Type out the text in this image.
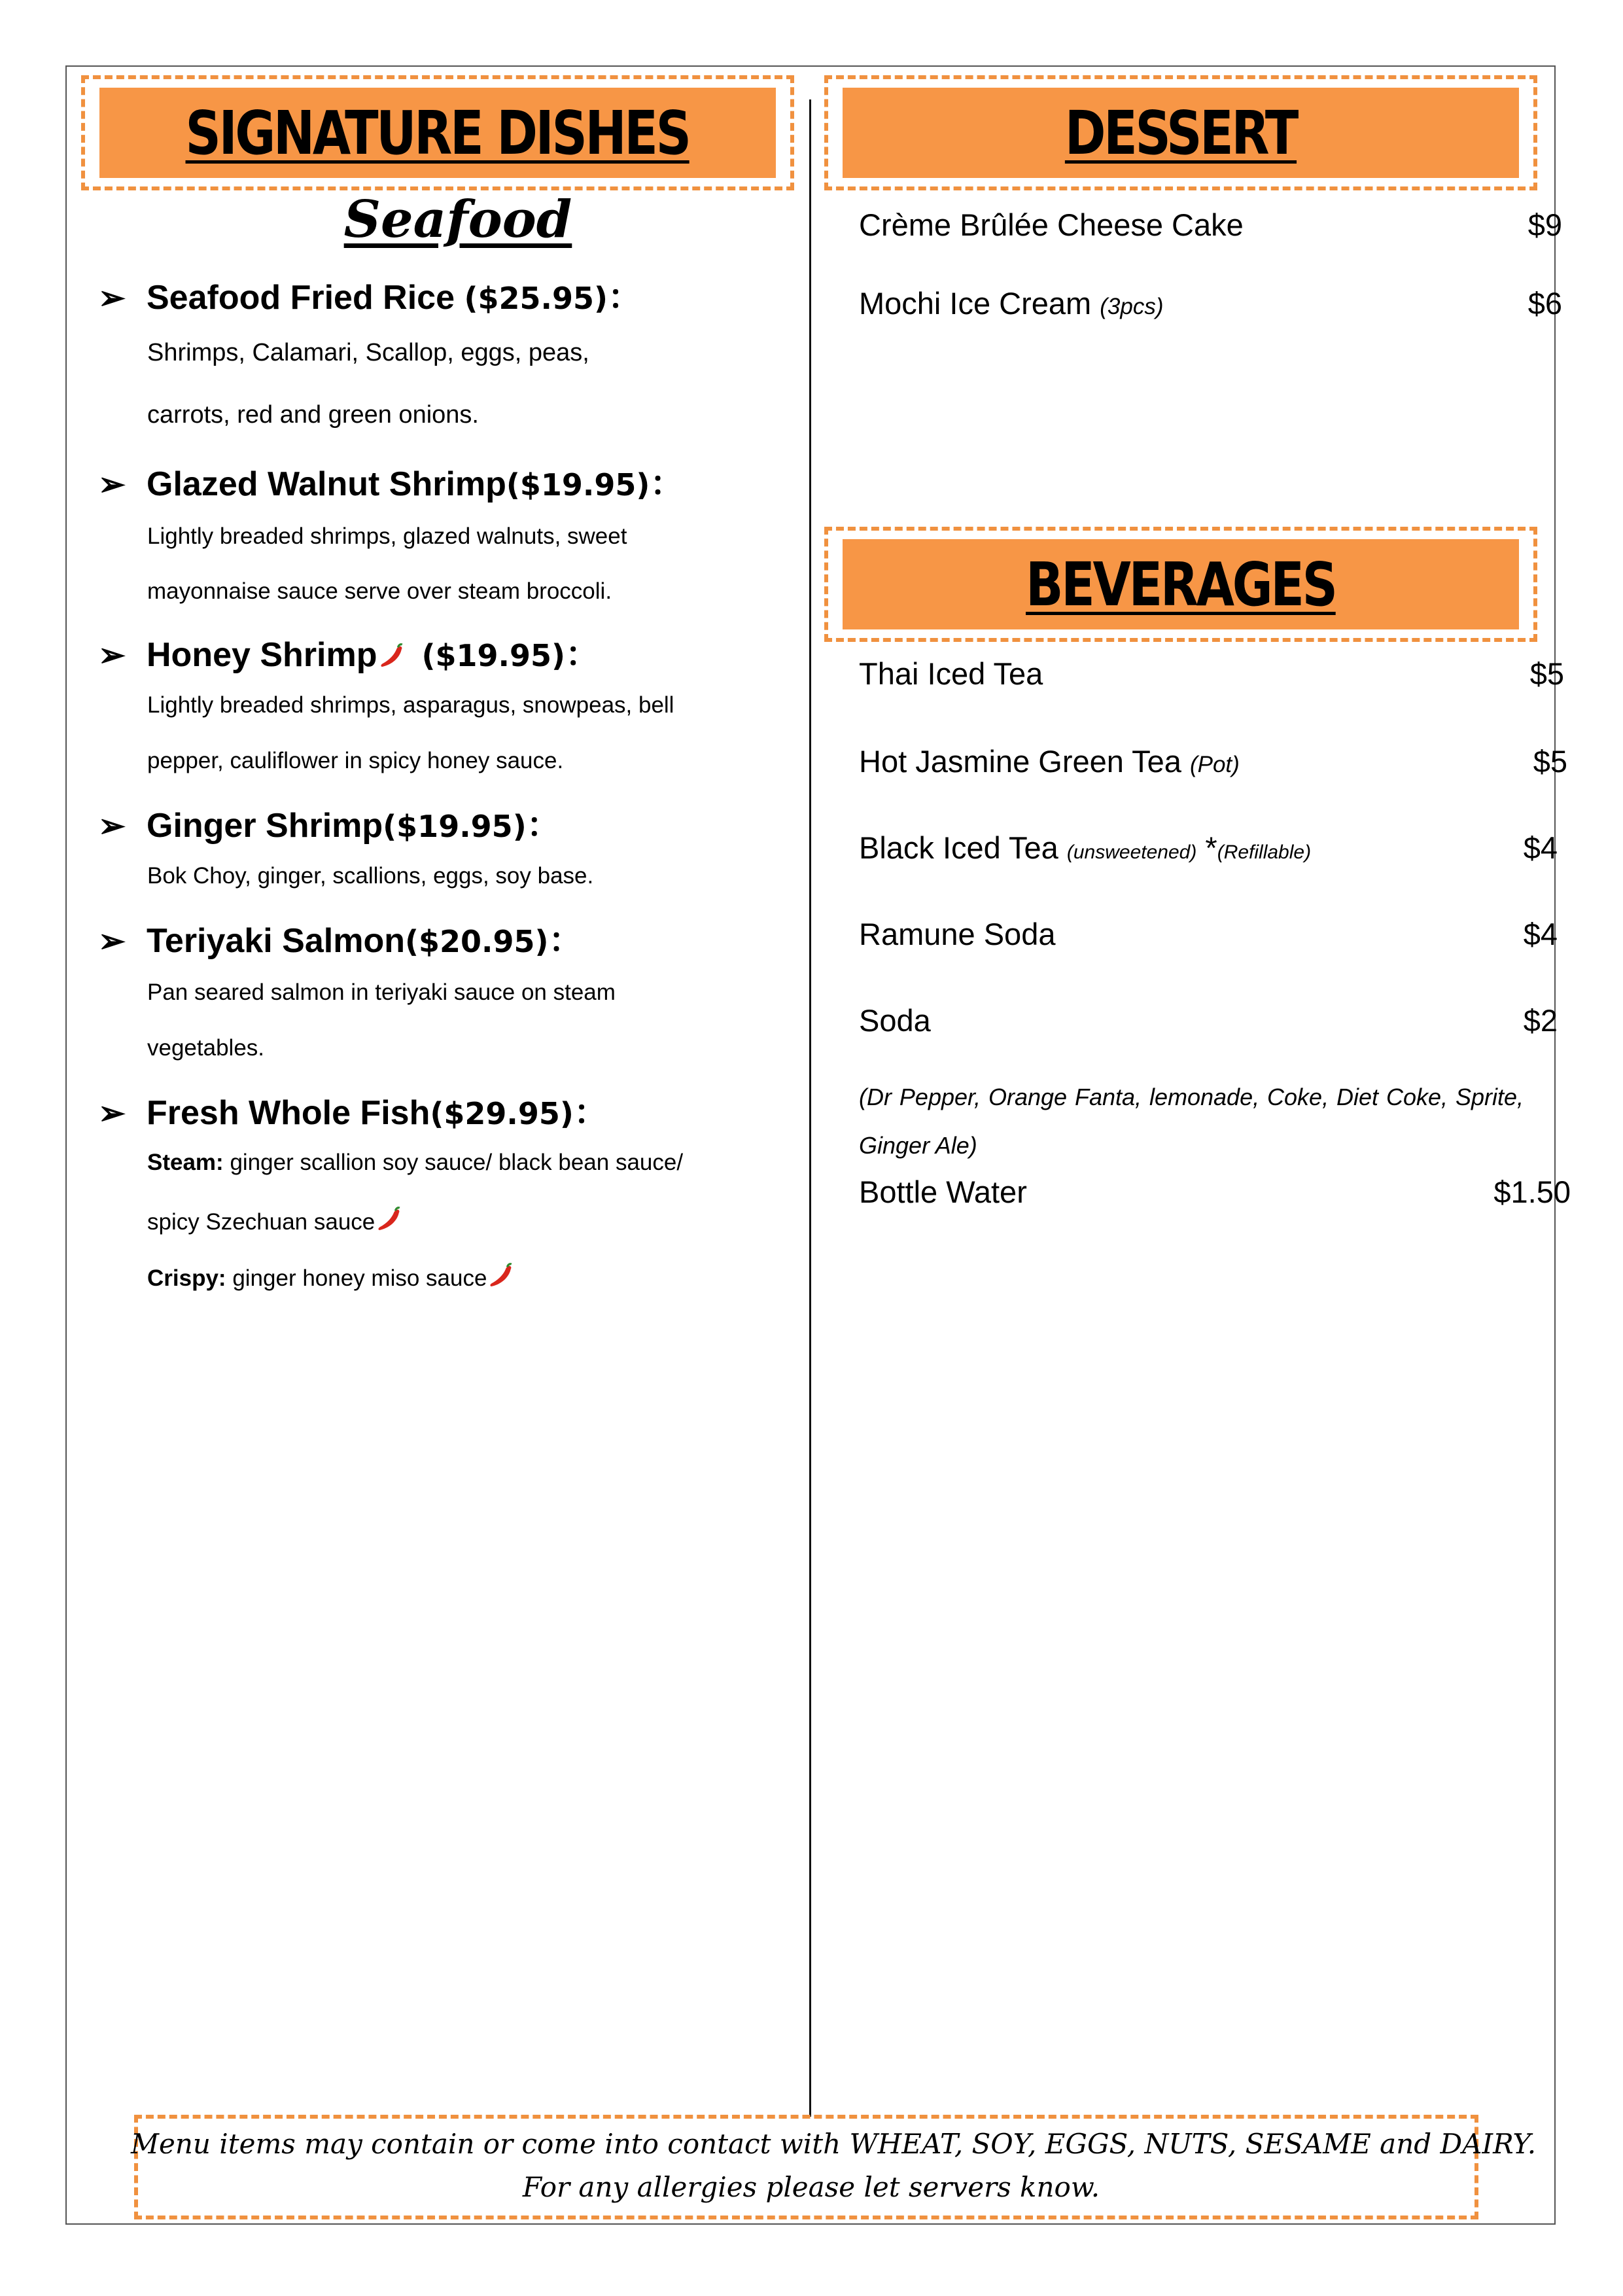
SIGNATURE DISHES
Seafood
➢ Seafood Fried Rice ($25.95)：
Shrimps, Calamari, Scallop, eggs, peas,
carrots, red and green onions.
➢ Glazed Walnut Shrimp($19.95)：
Lightly breaded shrimps, glazed walnuts, sweet
mayonnaise sauce serve over steam broccoli.
➢ Honey Shrimp ($19.95)：
Lightly breaded shrimps, asparagus, snowpeas, bell
pepper, cauliflower in spicy honey sauce.
➢ Ginger Shrimp($19.95)：
Bok Choy, ginger, scallions, eggs, soy base.
➢ Teriyaki Salmon($20.95)：
Pan seared salmon in teriyaki sauce on steam
vegetables.
➢ Fresh Whole Fish($29.95)：
Steam: ginger scallion soy sauce/ black bean sauce/
spicy Szechuan sauce
Crispy: ginger honey miso sauce
DESSERT
Crème Brûlée Cheese Cake	$9
Mochi Ice Cream (3pcs)	$6
BEVERAGES
Thai Iced Tea	$5
Hot Jasmine Green Tea (Pot)	$5
Black Iced Tea (unsweetened) *(Refillable)	$4
Ramune Soda	$4
Soda	$2
(Dr Pepper, Orange Fanta, lemonade, Coke, Diet Coke, Sprite, Ginger Ale)
Bottle Water	$1.50
Menu items may contain or come into contact with WHEAT, SOY, EGGS, NUTS, SESAME and DAIRY.
For any allergies please let servers know.
